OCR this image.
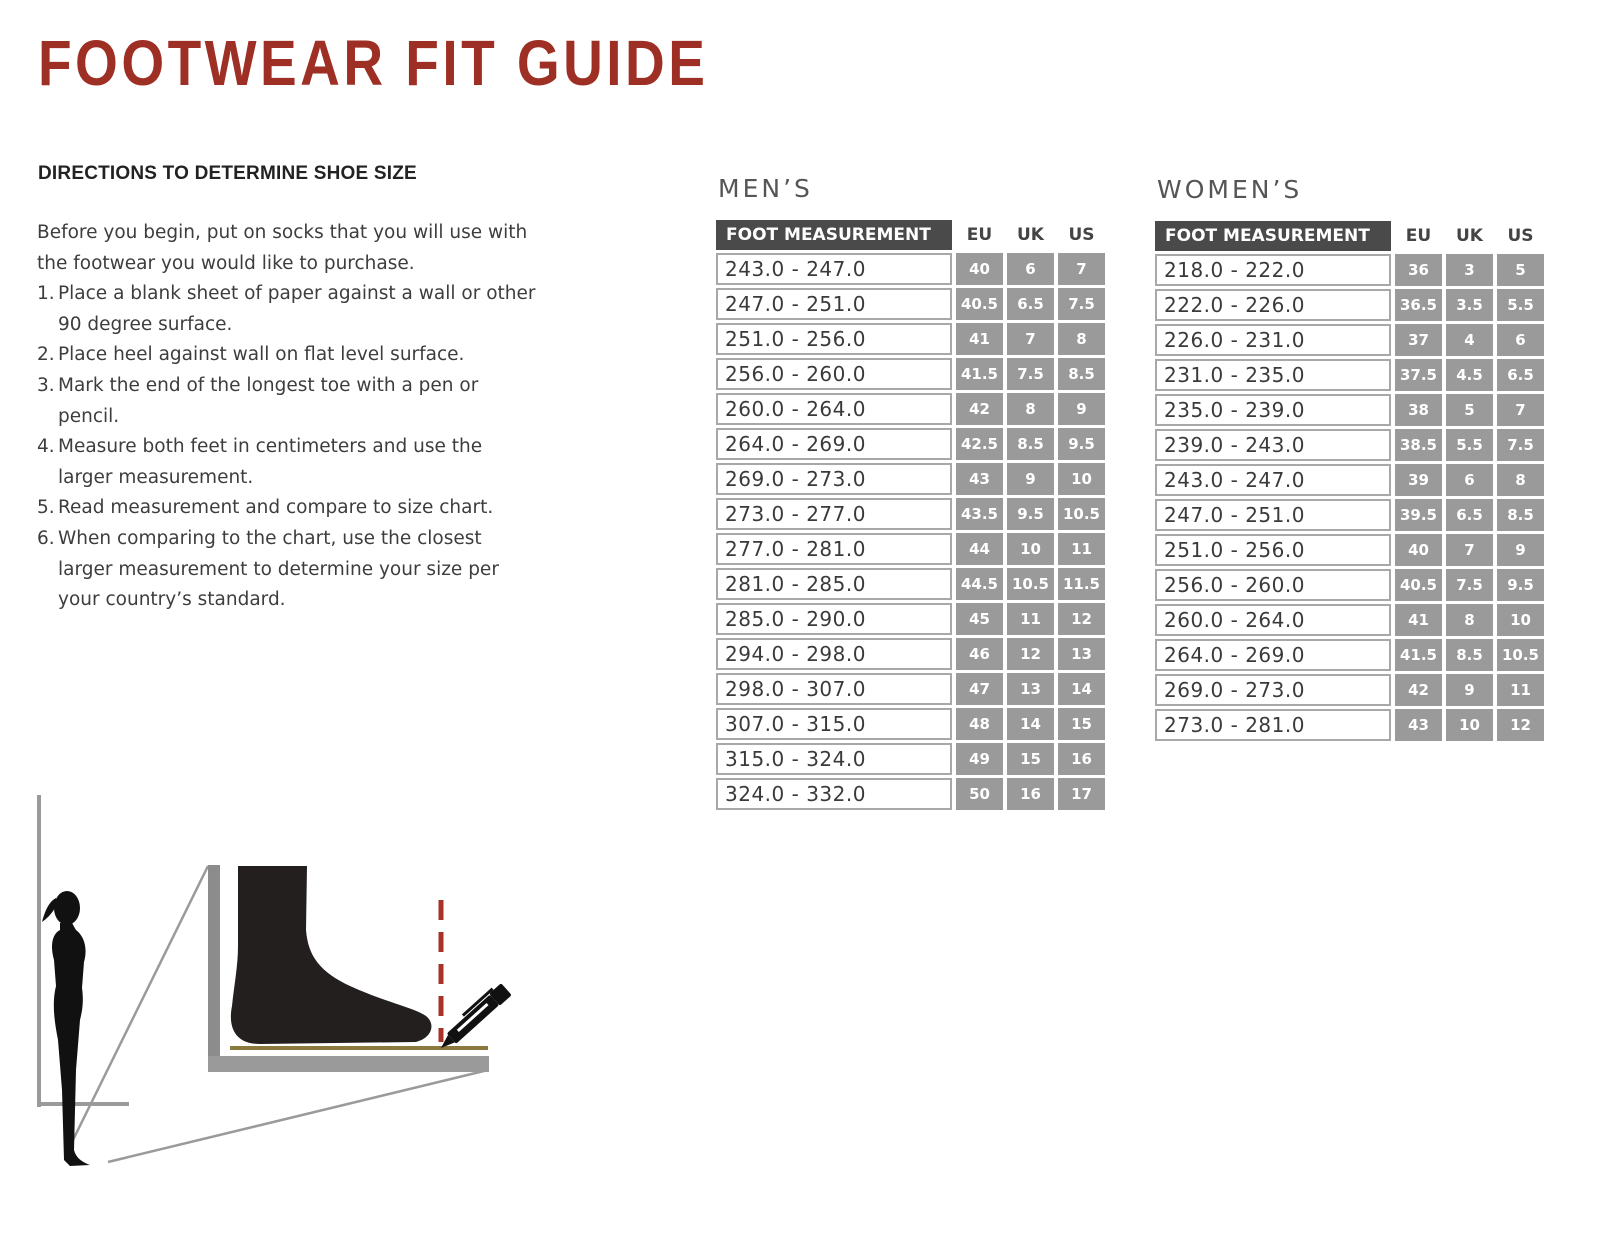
FOOTWEAR FIT GUIDE
DIRECTIONS TO DETERMINE SHOE SIZE

Before you begin, put on socks that you will use with the footwear you would like to purchase.

1. Place a blank sheet of paper against a wall or other 90 degree surface.
2. Place heel against wall on flat level surface.
3. Mark the end of the longest toe with a pen or pencil.
4. Measure both feet in centimeters and use the larger measurement.
5. Read measurement and compare to size chart.
6. When comparing to the chart, use the closest larger measurement to determine your size per your country’s standard.
MEN’S
FOOT MEASUREMENT	EU	UK	US
243.0 - 247.0	40	6	7
247.0 - 251.0	40.5	6.5	7.5
251.0 - 256.0	41	7	8
256.0 - 260.0	41.5	7.5	8.5
260.0 - 264.0	42	8	9
264.0 - 269.0	42.5	8.5	9.5
269.0 - 273.0	43	9	10
273.0 - 277.0	43.5	9.5	10.5
277.0 - 281.0	44	10	11
281.0 - 285.0	44.5	10.5	11.5
285.0 - 290.0	45	11	12
294.0 - 298.0	46	12	13
298.0 - 307.0	47	13	14
307.0 - 315.0	48	14	15
315.0 - 324.0	49	15	16
324.0 - 332.0	50	16	17
WOMEN’S
FOOT MEASUREMENT	EU	UK	US
218.0 - 222.0	36	3	5
222.0 - 226.0	36.5	3.5	5.5
226.0 - 231.0	37	4	6
231.0 - 235.0	37.5	4.5	6.5
235.0 - 239.0	38	5	7
239.0 - 243.0	38.5	5.5	7.5
243.0 - 247.0	39	6	8
247.0 - 251.0	39.5	6.5	8.5
251.0 - 256.0	40	7	9
256.0 - 260.0	40.5	7.5	9.5
260.0 - 264.0	41	8	10
264.0 - 269.0	41.5	8.5	10.5
269.0 - 273.0	42	9	11
273.0 - 281.0	43	10	12
